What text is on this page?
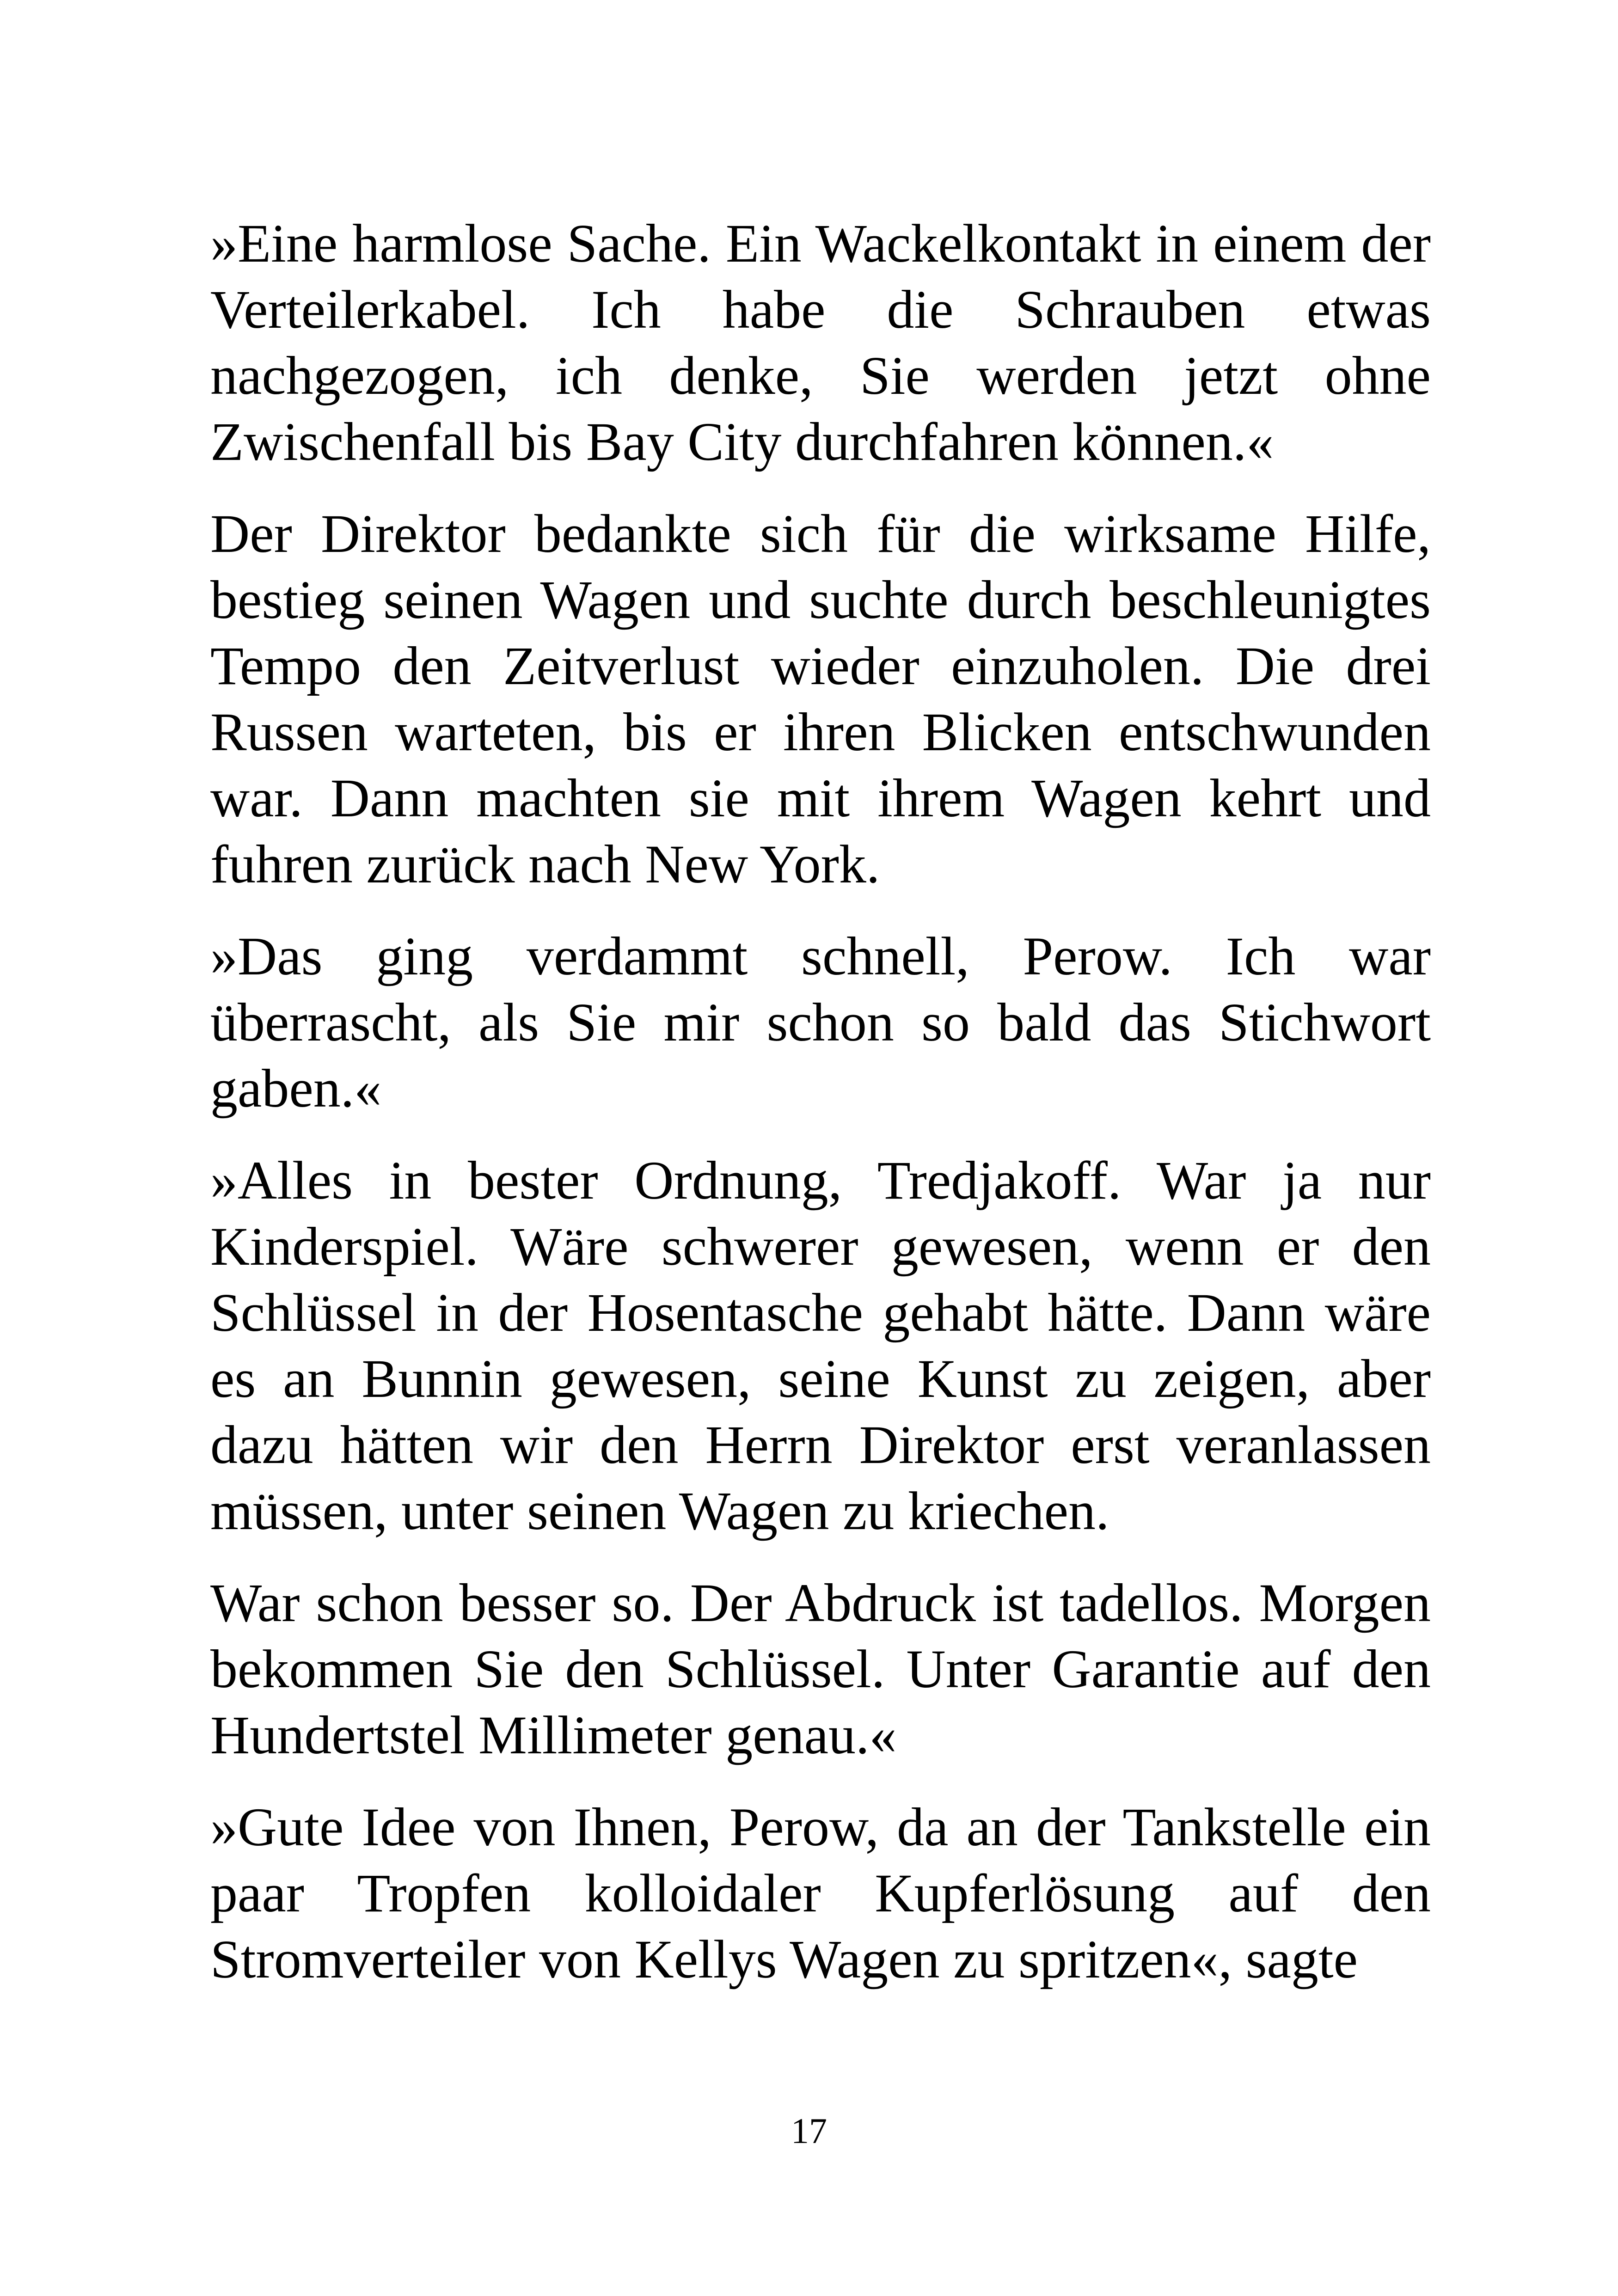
»Eine harmlose Sache. Ein Wackelkontakt in einem der Verteilerkabel. Ich habe die Schrauben etwas nachgezogen, ich denke, Sie werden jetzt ohne Zwischenfall bis Bay City durchfahren können.«

Der Direktor bedankte sich für die wirksame Hilfe, bestieg seinen Wagen und suchte durch beschleunigtes Tempo den Zeitverlust wieder einzuholen. Die drei Russen warteten, bis er ihren Blicken entschwunden war. Dann machten sie mit ihrem Wagen kehrt und fuhren zurück nach New York.

»Das ging verdammt schnell, Perow. Ich war überrascht, als Sie mir schon so bald das Stichwort gaben.«

»Alles in bester Ordnung, Tredjakoff. War ja nur Kinderspiel. Wäre schwerer gewesen, wenn er den Schlüssel in der Hosentasche gehabt hätte. Dann wäre es an Bunnin gewesen, seine Kunst zu zeigen, aber dazu hätten wir den Herrn Direktor erst veranlassen müssen, unter seinen Wagen zu kriechen.

War schon besser so. Der Abdruck ist tadellos. Morgen bekommen Sie den Schlüssel. Unter Garantie auf den Hundertstel Millimeter genau.«

»Gute Idee von Ihnen, Perow, da an der Tankstelle ein paar Tropfen kolloidaler Kupferlösung auf den Stromverteiler von Kellys Wagen zu spritzen«, sagte

17
